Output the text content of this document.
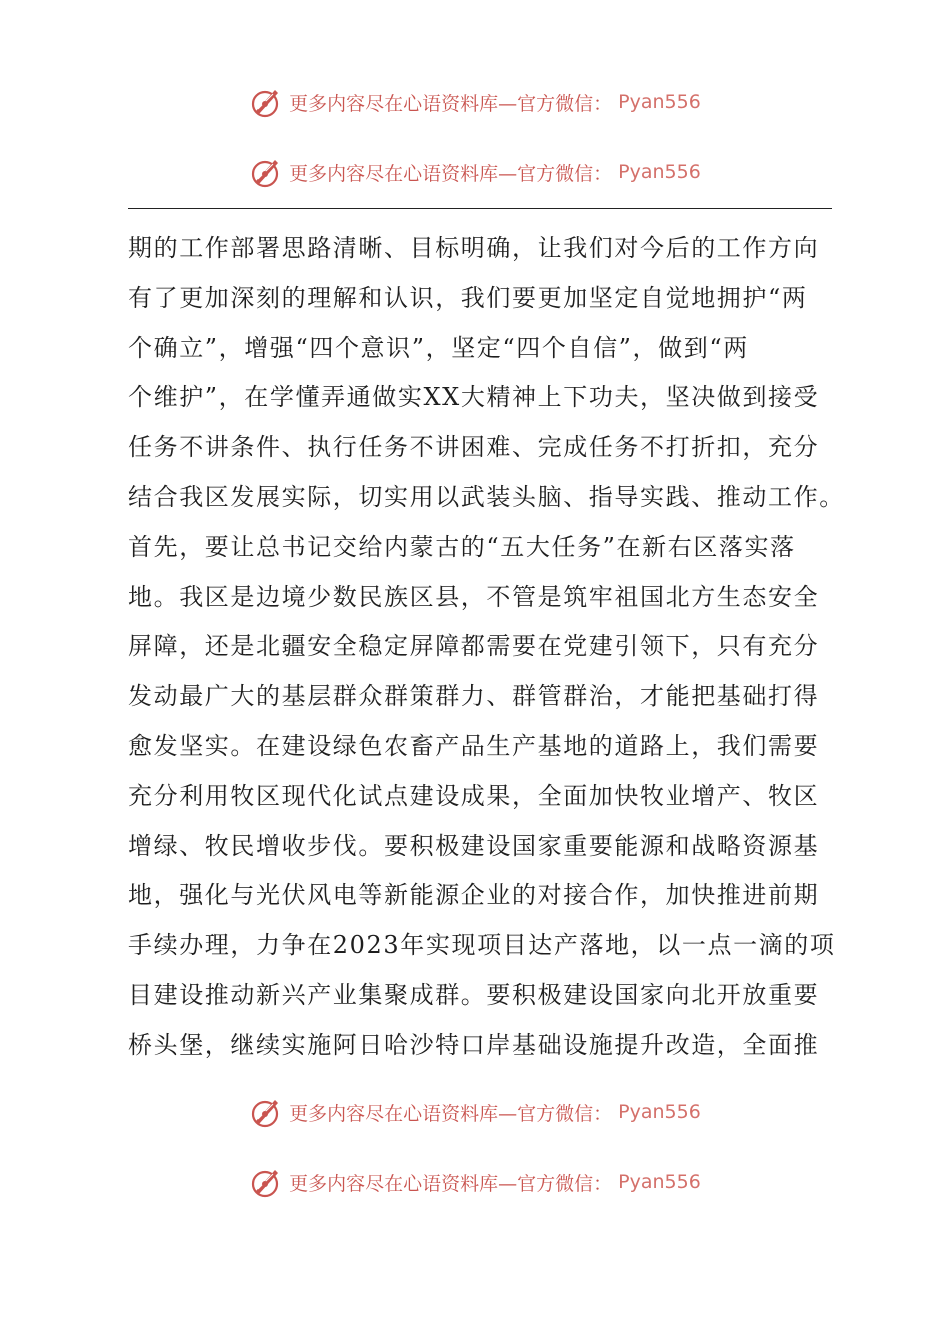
更多内容尽在心语资料库—官方微信： Pyan556
更多内容尽在心语资料库—官方微信： Pyan556
期的工作部署思路清晰、目标明确，让我们对今后的工作方向
有了更加深刻的理解和认识，我们要更加坚定自觉地拥护“两
个确立”，增强“四个意识”，坚定“四个自信”，做到“两
个维护”，在学懂弄通做实XX大精神上下功夫，坚决做到接受
任务不讲条件、执行任务不讲困难、完成任务不打折扣，充分
结合我区发展实际，切实用以武装头脑、指导实践、推动工作。
首先，要让总书记交给内蒙古的“五大任务”在新右区落实落
地。我区是边境少数民族区县，不管是筑牢祖国北方生态安全
屏障，还是北疆安全稳定屏障都需要在党建引领下，只有充分
发动最广大的基层群众群策群力、群管群治，才能把基础打得
愈发坚实。在建设绿色农畜产品生产基地的道路上，我们需要
充分利用牧区现代化试点建设成果，全面加快牧业增产、牧区
增绿、牧民增收步伐。要积极建设国家重要能源和战略资源基
地，强化与光伏风电等新能源企业的对接合作，加快推进前期
手续办理，力争在2023年实现项目达产落地，以一点一滴的项
目建设推动新兴产业集聚成群。要积极建设国家向北开放重要
桥头堡，继续实施阿日哈沙特口岸基础设施提升改造，全面推
更多内容尽在心语资料库—官方微信： Pyan556
更多内容尽在心语资料库—官方微信： Pyan556
